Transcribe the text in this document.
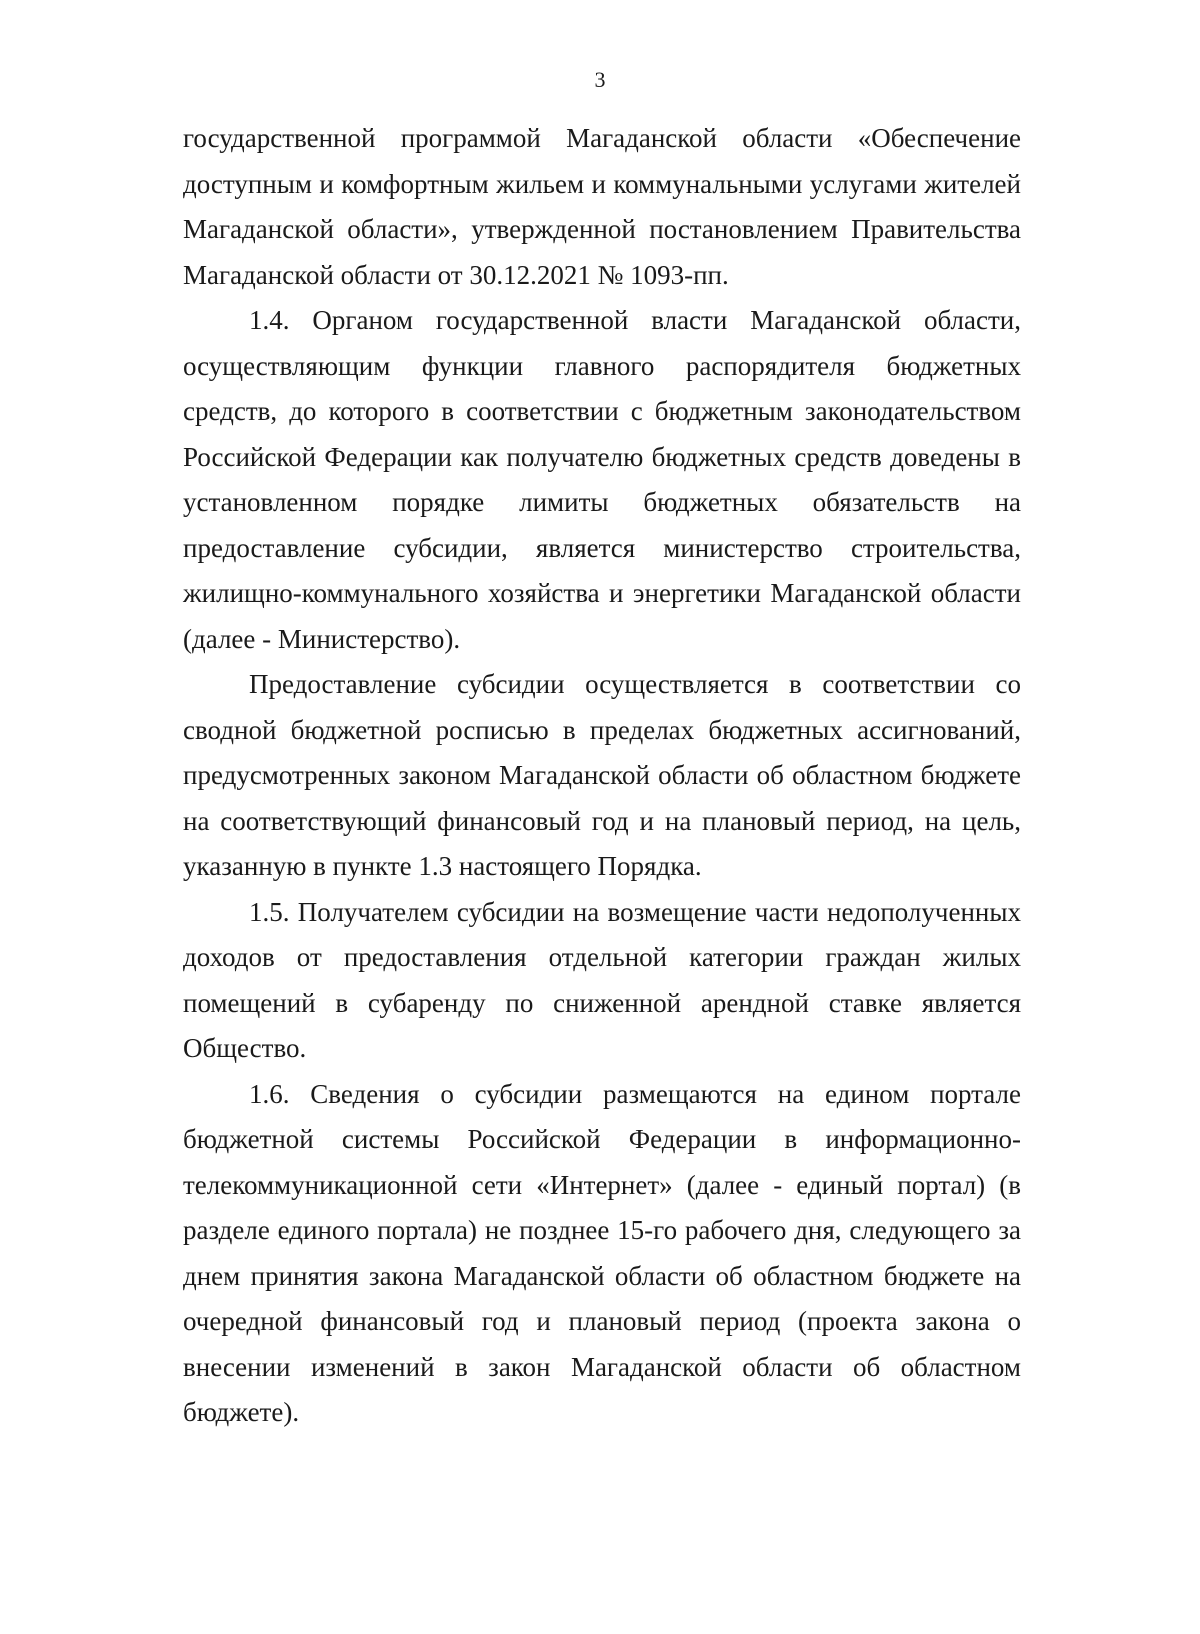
3

государственной программой Магаданской области «Обеспечение доступным и комфортным жильем и коммунальными услугами жителей Магаданской области», утвержденной постановлением Правительства Магаданской области от 30.12.2021 № 1093-пп.

1.4. Органом государственной власти Магаданской области, осуществляющим функции главного распорядителя бюджетных средств, до которого в соответствии с бюджетным законодательством Российской Федерации как получателю бюджетных средств доведены в установленном порядке лимиты бюджетных обязательств на предоставление субсидии, является министерство строительства, жилищно-коммунального хозяйства и энергетики Магаданской области (далее - Министерство).

Предоставление субсидии осуществляется в соответствии со сводной бюджетной росписью в пределах бюджетных ассигнований, предусмотренных законом Магаданской области об областном бюджете на соответствующий финансовый год и на плановый период, на цель, указанную в пункте 1.3 настоящего Порядка.

1.5. Получателем субсидии на возмещение части недополученных доходов от предоставления отдельной категории граждан жилых помещений в субаренду по сниженной арендной ставке является Общество.

1.6. Сведения о субсидии размещаются на едином портале бюджетной системы Российской Федерации в информационно-телекоммуникационной сети «Интернет» (далее - единый портал) (в разделе единого портала) не позднее 15-го рабочего дня, следующего за днем принятия закона Магаданской области об областном бюджете на очередной финансовый год и плановый период (проекта закона о внесении изменений в закон Магаданской области об областном бюджете).
